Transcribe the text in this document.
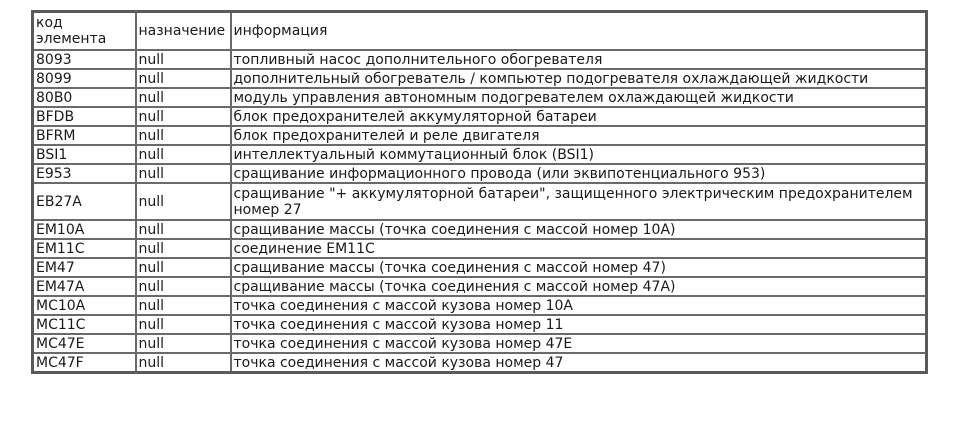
код элемента	назначение	информация
8093	null	топливный насос дополнительного обогревателя
8099	null	дополнительный обогреватель / компьютер подогревателя охлаждающей жидкости
80B0	null	модуль управления автономным подогревателем охлаждающей жидкости
BFDB	null	блок предохранителей аккумуляторной батареи
BFRM	null	блок предохранителей и реле двигателя
BSI1	null	интеллектуальный коммутационный блок (BSI1)
E953	null	сращивание информационного провода (или эквипотенциального 953)
EB27A	null	сращивание "+ аккумуляторной батареи", защищенного электрическим предохранителем номер 27
EM10A	null	сращивание массы (точка соединения с массой номер 10A)
EM11C	null	соединение EM11C
EM47	null	сращивание массы (точка соединения с массой номер 47)
EM47A	null	сращивание массы (точка соединения с массой номер 47A)
MC10A	null	точка соединения с массой кузова номер 10A
MC11C	null	точка соединения с массой кузова номер 11
MC47E	null	точка соединения с массой кузова номер 47E
MC47F	null	точка соединения с массой кузова номер 47
